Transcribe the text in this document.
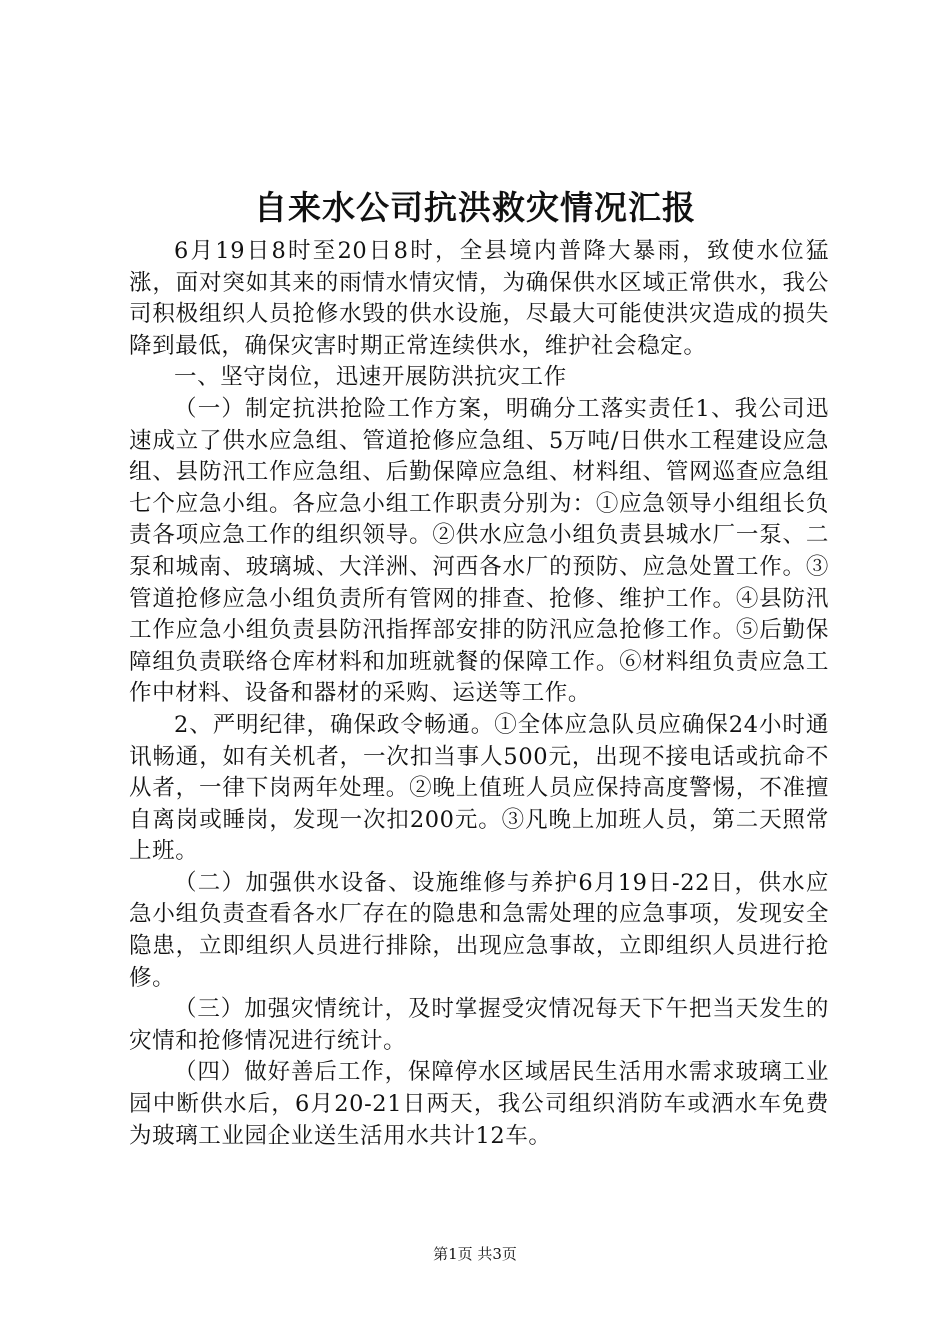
自来水公司抗洪救灾情况汇报

6月19日8时至20日8时，全县境内普降大暴雨，致使水位猛涨，面对突如其来的雨情水情灾情，为确保供水区域正常供水，我公司积极组织人员抢修水毁的供水设施，尽最大可能使洪灾造成的损失降到最低，确保灾害时期正常连续供水，维护社会稳定。

一、坚守岗位，迅速开展防洪抗灾工作

（一）制定抗洪抢险工作方案，明确分工落实责任1、我公司迅速成立了供水应急组、管道抢修应急组、5万吨/日供水工程建设应急组、县防汛工作应急组、后勤保障应急组、材料组、管网巡查应急组七个应急小组。各应急小组工作职责分别为：①应急领导小组组长负责各项应急工作的组织领导。②供水应急小组负责县城水厂一泵、二泵和城南、玻璃城、大洋洲、河西各水厂的预防、应急处置工作。③管道抢修应急小组负责所有管网的排查、抢修、维护工作。④县防汛工作应急小组负责县防汛指挥部安排的防汛应急抢修工作。⑤后勤保障组负责联络仓库材料和加班就餐的保障工作。⑥材料组负责应急工作中材料、设备和器材的采购、运送等工作。

2、严明纪律，确保政令畅通。①全体应急队员应确保24小时通讯畅通，如有关机者，一次扣当事人500元，出现不接电话或抗命不从者，一律下岗两年处理。②晚上值班人员应保持高度警惕，不准擅自离岗或睡岗，发现一次扣200元。③凡晚上加班人员，第二天照常上班。

（二）加强供水设备、设施维修与养护6月19日-22日，供水应急小组负责查看各水厂存在的隐患和急需处理的应急事项，发现安全隐患，立即组织人员进行排除，出现应急事故，立即组织人员进行抢修。

（三）加强灾情统计，及时掌握受灾情况每天下午把当天发生的灾情和抢修情况进行统计。

（四）做好善后工作，保障停水区域居民生活用水需求玻璃工业园中断供水后，6月20-21日两天，我公司组织消防车或洒水车免费为玻璃工业园企业送生活用水共计12车。

第1页 共3页
